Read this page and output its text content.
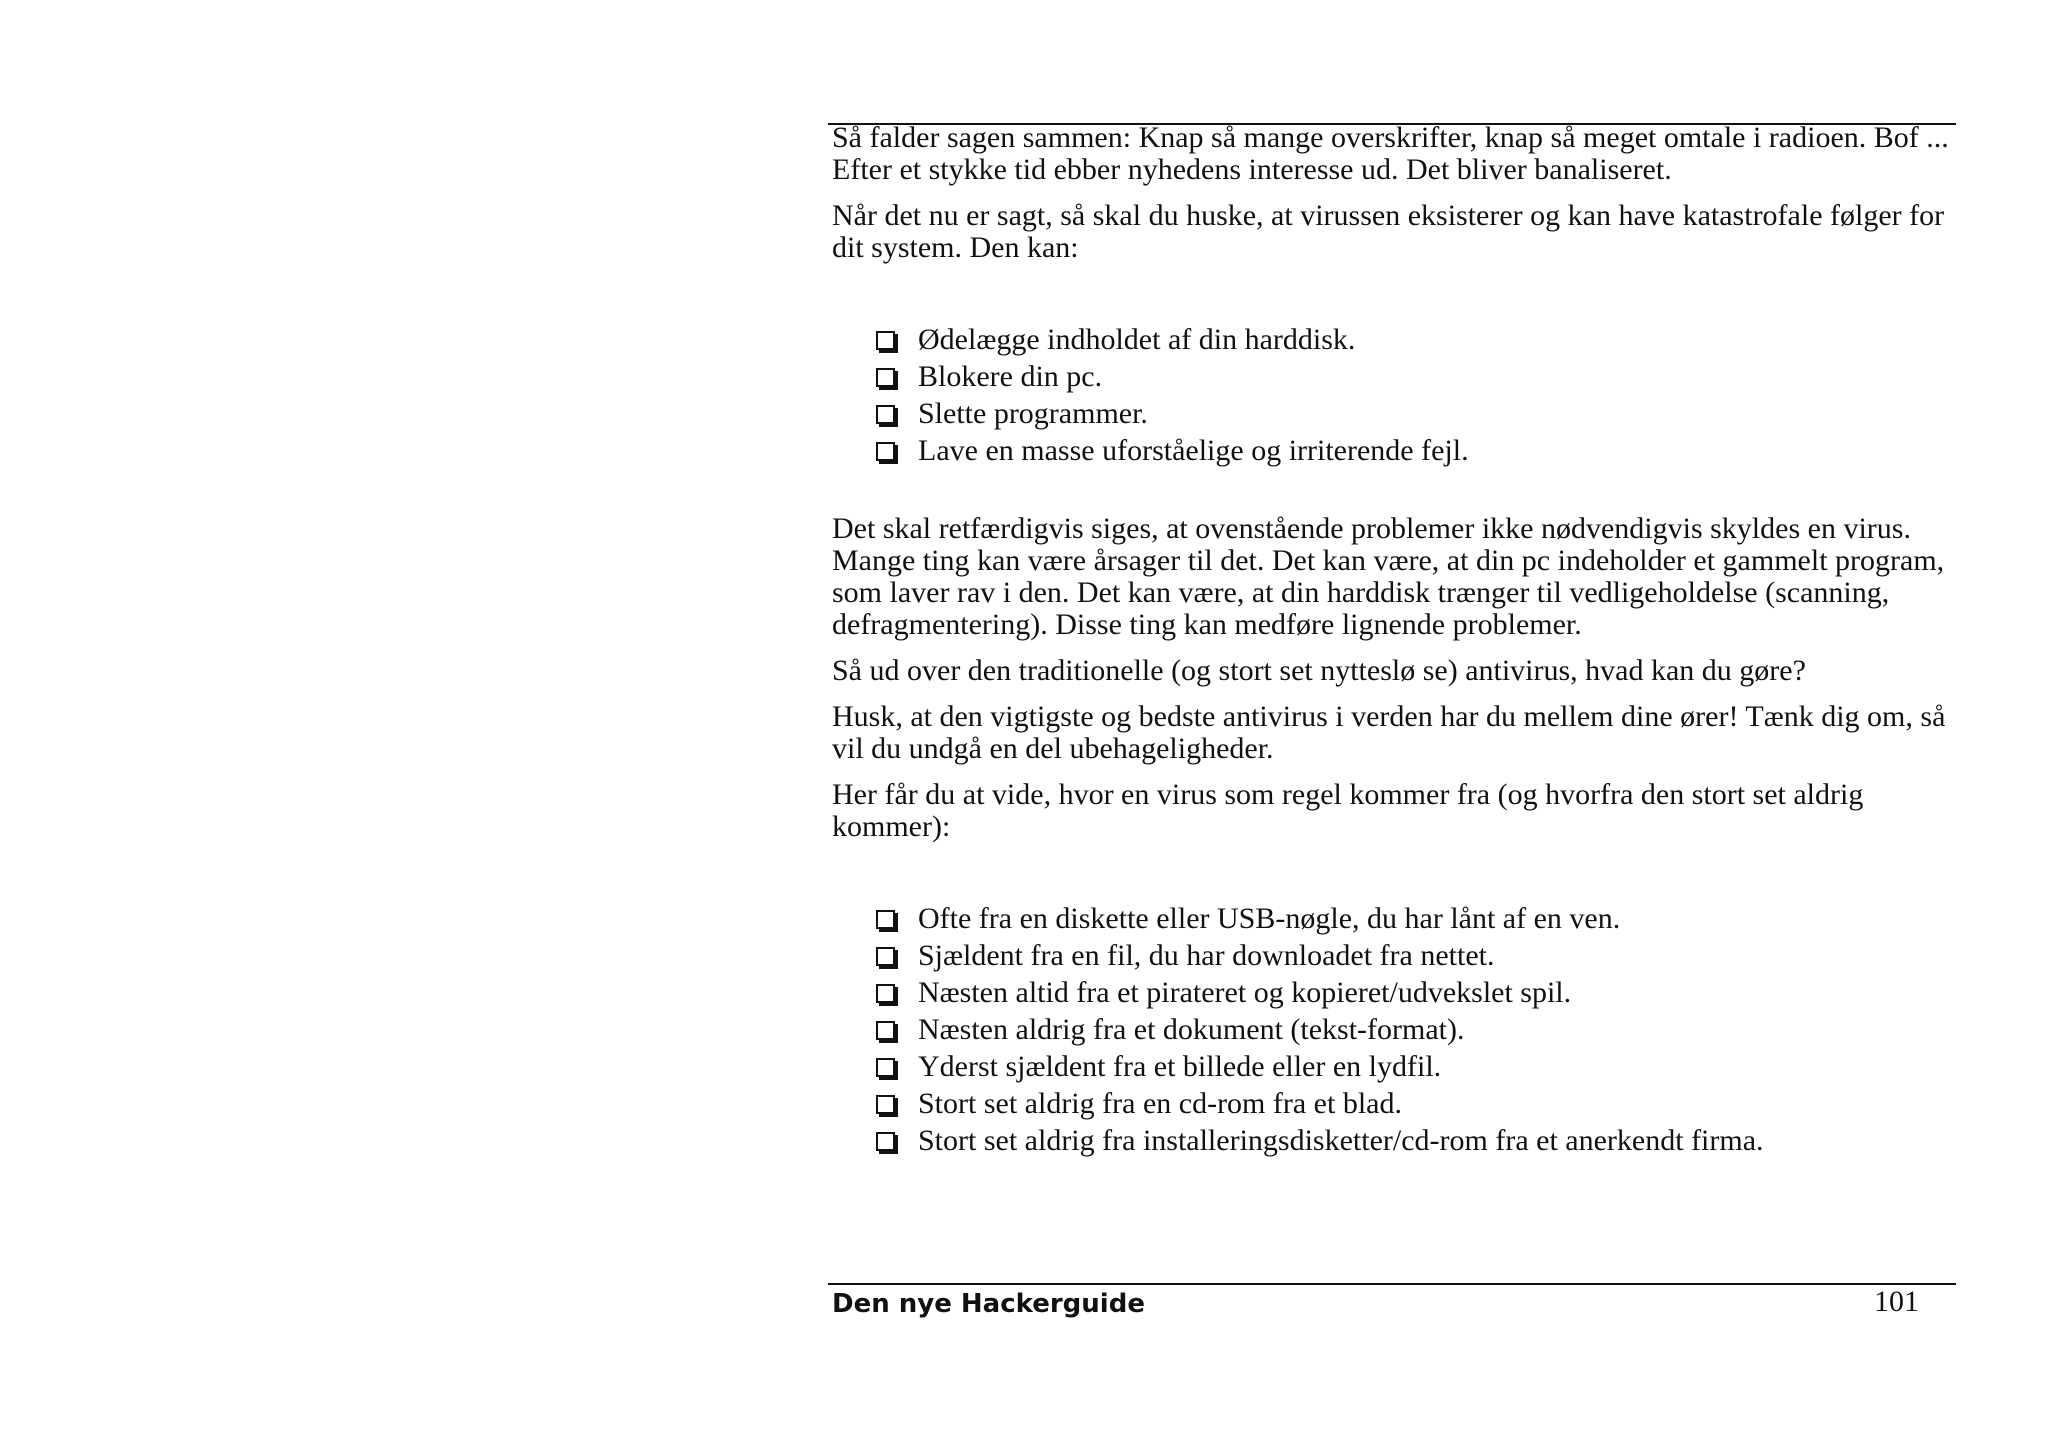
Så falder sagen sammen: Knap så mange overskrifter, knap så meget omtale i radioen. Bof ... Efter et stykke tid ebber nyhedens interesse ud. Det bliver banaliseret.

Når det nu er sagt, så skal du huske, at virussen eksisterer og kan have katastrofale følger for dit system. Den kan:

Ødelægge indholdet af din harddisk.
Blokere din pc.
Slette programmer.
Lave en masse uforståelige og irriterende fejl.

Det skal retfærdigvis siges, at ovenstående problemer ikke nødvendigvis skyldes en virus. Mange ting kan være årsager til det. Det kan være, at din pc indeholder et gammelt program, som laver rav i den. Det kan være, at din harddisk trænger til vedligeholdelse (scanning, defragmentering). Disse ting kan medføre lignende problemer.

Så ud over den traditionelle (og stort set nytteslø se) antivirus, hvad kan du gøre?

Husk, at den vigtigste og bedste antivirus i verden har du mellem dine ører! Tænk dig om, så vil du undgå en del ubehageligheder.

Her får du at vide, hvor en virus som regel kommer fra (og hvorfra den stort set aldrig kommer):

Ofte fra en diskette eller USB-nøgle, du har lånt af en ven.
Sjældent fra en fil, du har downloadet fra nettet.
Næsten altid fra et pirateret og kopieret/udvekslet spil.
Næsten aldrig fra et dokument (tekst-format).
Yderst sjældent fra et billede eller en lydfil.
Stort set aldrig fra en cd-rom fra et blad.
Stort set aldrig fra installeringsdisketter/cd-rom fra et anerkendt firma.
Den nye Hackerguide	101
